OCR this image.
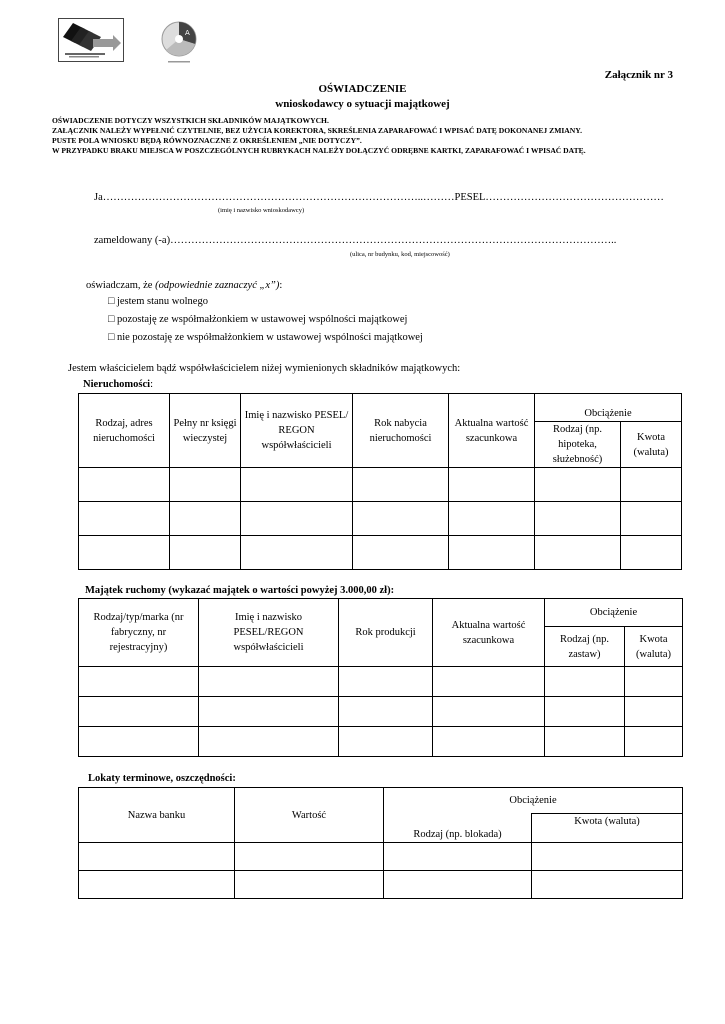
A
Załącznik nr 3
OŚWIADCZENIE
wnioskodawcy o sytuacji majątkowej
OŚWIADCZENIE DOTYCZY WSZYSTKICH SKŁADNIKÓW MAJĄTKOWYCH.
ZAŁĄCZNIK NALEŻY WYPEŁNIĆ CZYTELNIE, BEZ UŻYCIA KOREKTORA, SKREŚLENIA ZAPARAFOWAĆ I WPISAĆ DATĘ DOKONANEJ ZMIANY.
PUSTE POLA WNIOSKU BĘDĄ RÓWNOZNACZNE Z OKREŚLENIEM „NIE DOTYCZY”.
W PRZYPADKU BRAKU MIEJSCA W POSZCZEGÓLNYCH RUBRYKACH NALEŻY DOŁĄCZYĆ ODRĘBNE KARTKI, ZAPARAFOWAĆ I WPISAĆ DATĘ.
Ja………………………………………………………………………………..………PESEL……………………………………………
(imię i nazwisko wnioskodawcy)
zameldowany (-a)………………………………………………………………………………………………………………..
(ulica, nr budynku, kod, miejscowość)
oświadczam, że (odpowiednie zaznaczyć „x”):
□ jestem stanu wolnego
□ pozostaję ze współmałżonkiem w ustawowej wspólności majątkowej
□ nie pozostaję ze współmałżonkiem w ustawowej wspólności majątkowej
Jestem właścicielem bądź współwłaścicielem niżej wymienionych składników majątkowych:
Nieruchomości:
Rodzaj, adres nieruchomości	Pełny nr księgi wieczystej	Imię i nazwisko PESEL/ REGON współwłaścicieli	Rok nabycia nieruchomości	Aktualna wartość szacunkowa	Obciążenie	
					Rodzaj (np. hipoteka, służebność)	Kwota (waluta)

Majątek ruchomy (wykazać majątek o wartości powyżej 3.000,00 zł):
Rodzaj/typ/marka (nr fabryczny, nr rejestracyjny)	Imię i nazwisko PESEL/REGON współwłaścicieli	Rok produkcji	Aktualna wartość szacunkowa	Obciążenie	
				Rodzaj (np. zastaw)	Kwota (waluta)

Lokaty terminowe, oszczędności:
Nazwa banku	Wartość	Obciążenie	
		Rodzaj (np. blokada)	Kwota (waluta)
